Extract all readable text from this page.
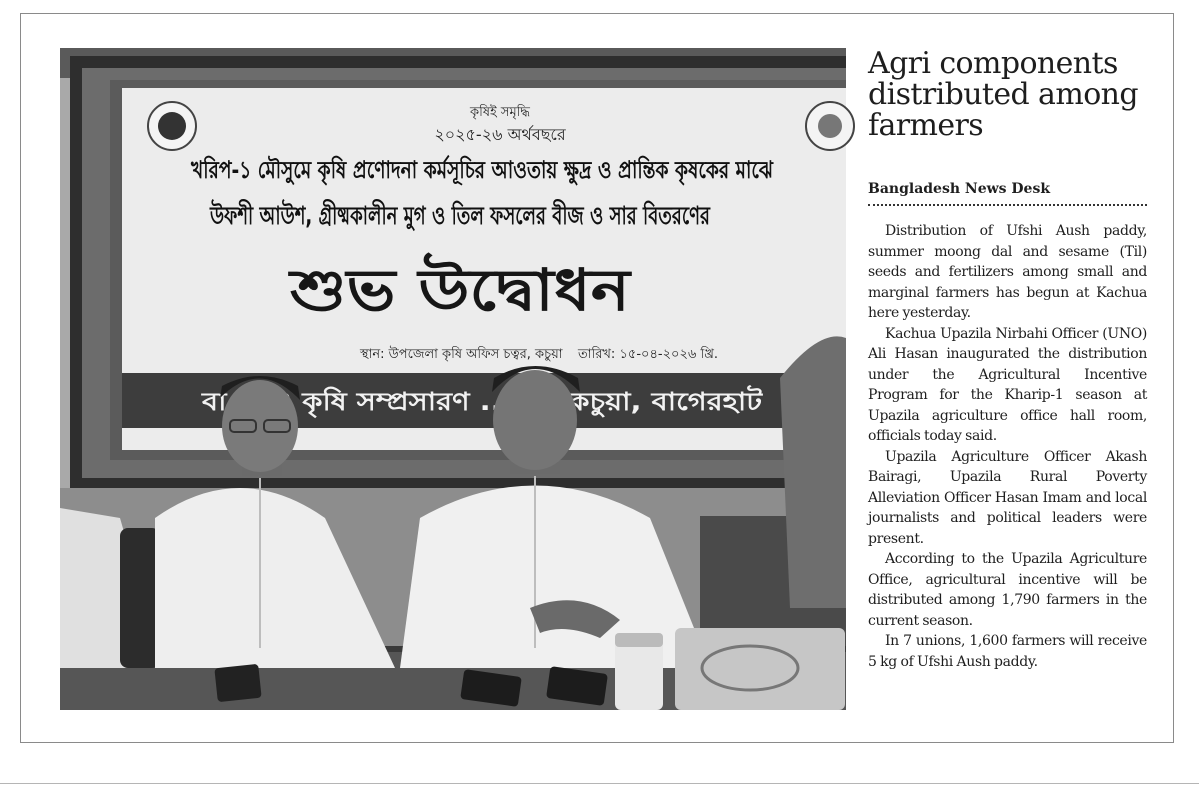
কৃষিই সমৃদ্ধি
২০২৫-২৬ অর্থবছরে
খরিপ-১ মৌসুমে কৃষি প্রণোদনা কর্মসূচির আওতায় ক্ষুদ্র ও প্রান্তিক কৃষকের মাঝে
উফশী আউশ, গ্রীষ্মকালীন মুগ ও তিল ফসলের বীজ ও সার বিতরণের
শুভ উদ্বোধন
স্থান: উপজেলা কৃষি অফিস চত্বর, কচুয়া তারিখ: ১৫-০৪-২০২৬ খ্রি.
বা...নঃ কৃষি সম্প্রসারণ ...পুর, কচুয়া, বাগেরহাট
Agri components distributed among farmers
Bangladesh News Desk

Distribution of Ufshi Aush paddy, summer moong dal and sesame (Til) seeds and fertilizers among small and marginal farmers has begun at Kachua here yesterday.

Kachua Upazila Nirbahi Officer (UNO) Ali Hasan inaugurated the distribution under the Agricultural Incentive Program for the Kharip-1 season at Upazila agriculture office hall room, officials today said.

Upazila Agriculture Officer Akash Bairagi, Upazila Rural Poverty Alleviation Officer Hasan Imam and local journalists and political leaders were present.

According to the Upazila Agriculture Office, agricultural incentive will be distributed among 1,790 farmers in the current season.

In 7 unions, 1,600 farmers will receive 5 kg of Ufshi Aush paddy.
